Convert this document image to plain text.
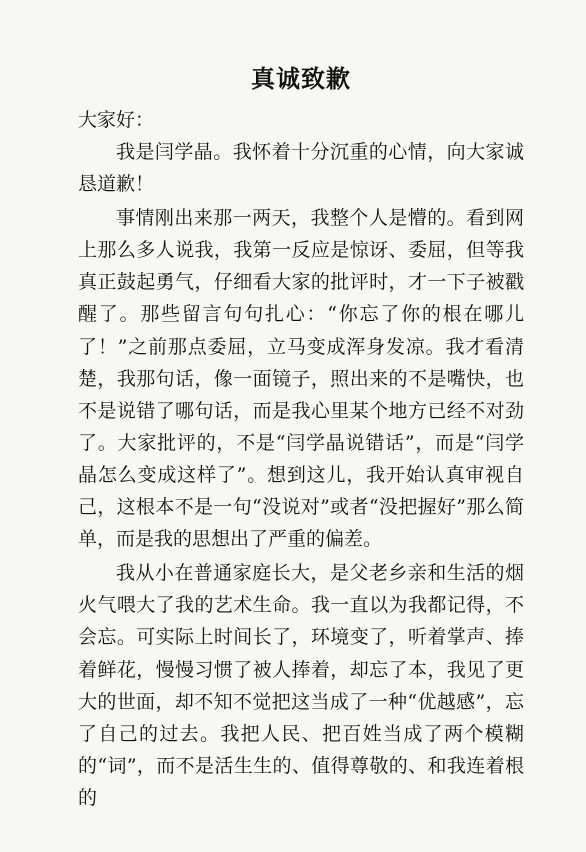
真诚致歉

大家好：

我是闫学晶。我怀着十分沉重的心情，向大家诚恳道歉！

事情刚出来那一两天，我整个人是懵的。看到网上那么多人说我，我第一反应是惊讶、委屈，但等我真正鼓起勇气，仔细看大家的批评时，才一下子被戳醒了。那些留言句句扎心：“你忘了你的根在哪儿了！”之前那点委屈，立马变成浑身发凉。我才看清楚，我那句话，像一面镜子，照出来的不是嘴快，也不是说错了哪句话，而是我心里某个地方已经不对劲了。大家批评的，不是“闫学晶说错话”，而是“闫学晶怎么变成这样了”。想到这儿，我开始认真审视自己，这根本不是一句“没说对”或者“没把握好”那么简单，而是我的思想出了严重的偏差。

我从小在普通家庭长大，是父老乡亲和生活的烟火气喂大了我的艺术生命。我一直以为我都记得，不会忘。可实际上时间长了，环境变了，听着掌声、捧着鲜花，慢慢习惯了被人捧着，却忘了本，我见了更大的世面，却不知不觉把这当成了一种“优越感”，忘了自己的过去。我把人民、把百姓当成了两个模糊的“词”，而不是活生生的、值得尊敬的、和我连着根的
